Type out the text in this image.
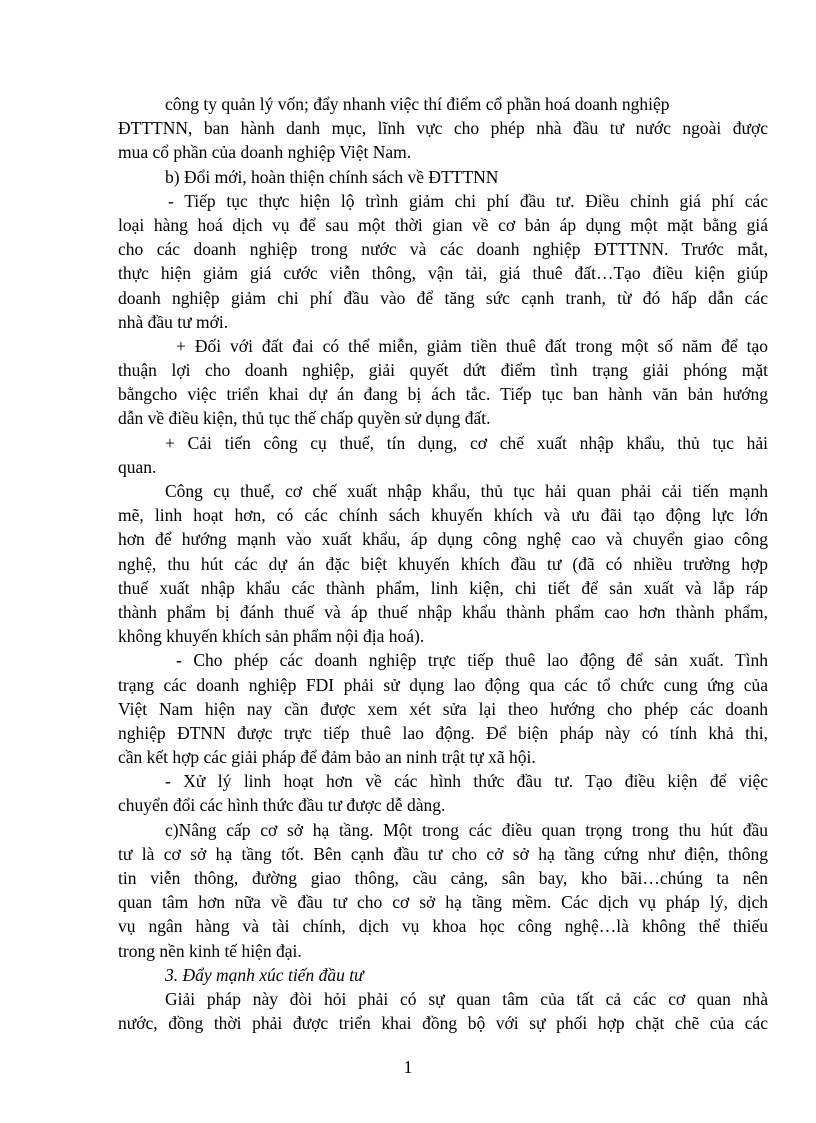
công ty quản lý vốn; đẩy nhanh việc thí điểm cổ phần hoá doanh nghiệp
ĐTTTNN, ban hành danh mục, lĩnh vực cho phép nhà đầu tư nước ngoài được
mua cổ phần của doanh nghiệp Việt Nam.
b) Đổi mới, hoàn thiện chính sách về ĐTTTNN
- Tiếp tục thực hiện lộ trình giảm chi phí đầu tư. Điều chỉnh giá phí các
loại hàng hoá dịch vụ để sau một thời gian về cơ bản áp dụng một mặt bằng giá
cho các doanh nghiệp trong nước và các doanh nghiệp ĐTTTNN. Trước mắt,
thực hiện giảm giá cước viễn thông, vận tải, giá thuê đất…Tạo điều kiện giúp
doanh nghiệp giảm chi phí đầu vào để tăng sức cạnh tranh, từ đó hấp dẫn các
nhà đầu tư mới.
+ Đối với đất đai có thể miễn, giảm tiền thuê đất trong một số năm để tạo
thuận lợi cho doanh nghiệp, giải quyết dứt điểm tình trạng giải phóng mặt
bằngcho việc triển khai dự án đang bị ách tắc. Tiếp tục ban hành văn bản hướng
dẫn về điều kiện, thủ tục thế chấp quyền sử dụng đất.
+ Cải tiến công cụ thuế, tín dụng, cơ chế xuất nhập khẩu, thủ tục hải
quan.
Công cụ thuế, cơ chế xuất nhập khẩu, thủ tục hải quan phải cải tiến mạnh
mẽ, linh hoạt hơn, có các chính sách khuyến khích và ưu đãi tạo động lực lớn
hơn để hướng mạnh vào xuất khẩu, áp dụng công nghệ cao và chuyển giao công
nghệ, thu hút các dự án đặc biệt khuyến khích đầu tư (đã có nhiều trường hợp
thuế xuất nhập khẩu các thành phẩm, linh kiện, chi tiết để sản xuất và lắp ráp
thành phẩm bị đánh thuế và áp thuế nhập khẩu thành phẩm cao hơn thành phẩm,
không khuyến khích sản phẩm nội địa hoá).
- Cho phép các doanh nghiệp trực tiếp thuê lao động để sản xuất. Tình
trạng các doanh nghiệp FDI phải sử dụng lao động qua các tổ chức cung ứng của
Việt Nam hiện nay cần được xem xét sửa lại theo hướng cho phép các doanh
nghiệp ĐTNN được trực tiếp thuê lao động. Để biện pháp này có tính khả thi,
cần kết hợp các giải pháp để đảm bảo an ninh trật tự xã hội.
- Xử lý linh hoạt hơn về các hình thức đầu tư. Tạo điều kiện để việc
chuyển đổi các hình thức đầu tư được dễ dàng.
c)Nâng cấp cơ sở hạ tầng. Một trong các điều quan trọng trong thu hút đầu
tư là cơ sở hạ tầng tốt. Bên cạnh đầu tư cho cở sở hạ tầng cứng như điện, thông
tin viễn thông, đường giao thông, cầu cảng, sân bay, kho bãi…chúng ta nên
quan tâm hơn nữa về đầu tư cho cơ sở hạ tầng mềm. Các dịch vụ pháp lý, dịch
vụ ngân hàng và tài chính, dịch vụ khoa học công nghệ…là không thể thiếu
trong nền kinh tế hiện đại.
3. Đẩy mạnh xúc tiến đầu tư
Giải pháp này đòi hỏi phải có sự quan tâm của tất cả các cơ quan nhà
nước, đồng thời phải được triển khai đồng bộ với sự phối hợp chặt chẽ của các
1
